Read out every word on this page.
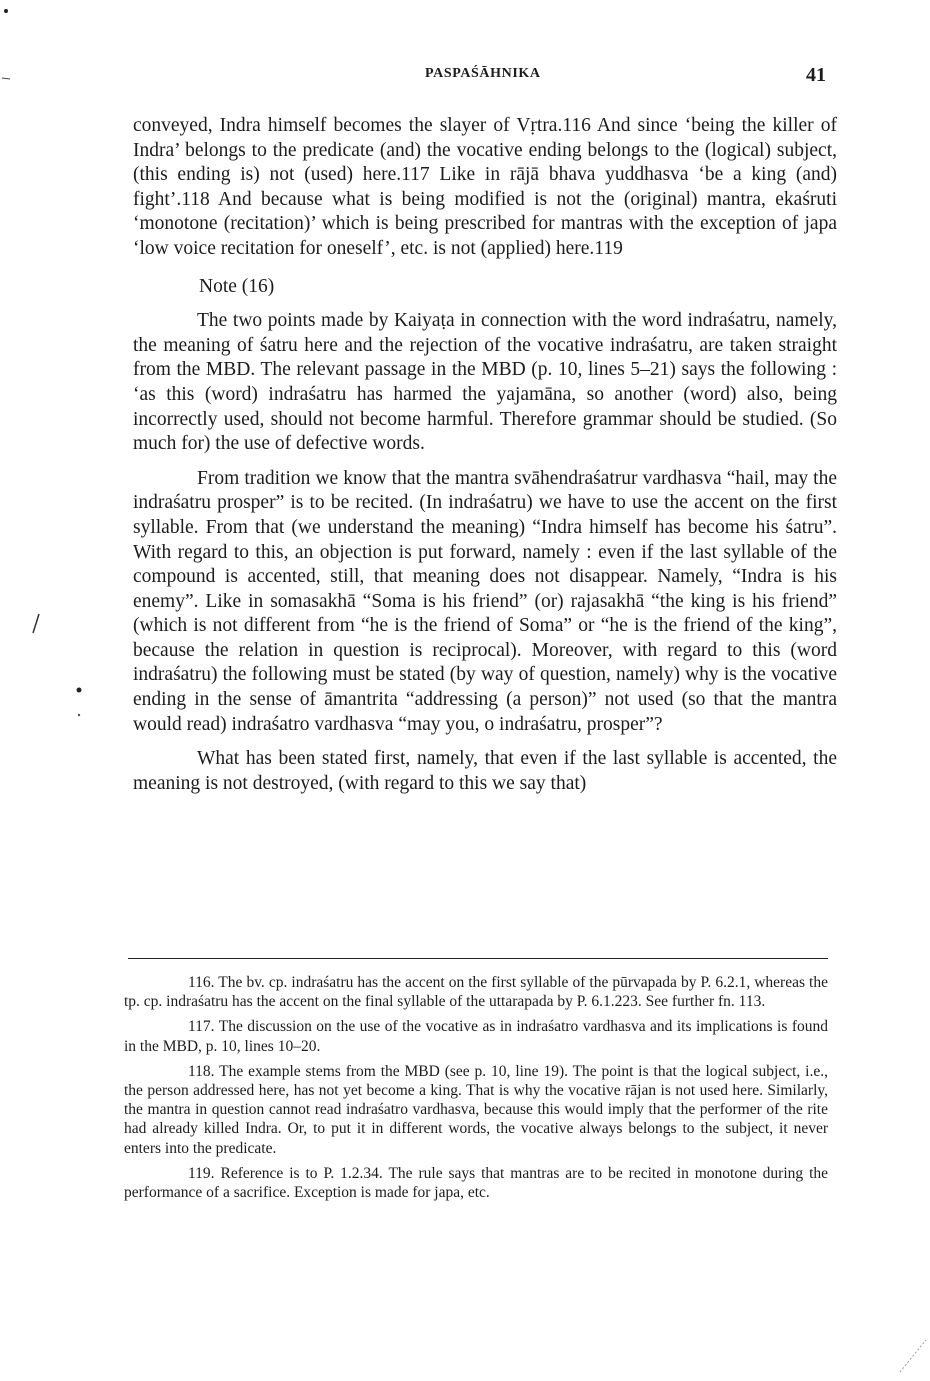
PASPAŚĀHNIKA	41

conveyed, Indra himself becomes the slayer of Vṛtra.116 And since ‘being the killer of Indra’ belongs to the predicate (and) the vocative ending belongs to the (logical) subject, (this ending is) not (used) here.117 Like in rājā bhava yuddhasva ‘be a king (and) fight’.118 And because what is being modified is not the (original) mantra, ekaśruti ‘monotone (recitation)’ which is being prescribed for mantras with the exception of japa ‘low voice recitation for oneself’, etc. is not (applied) here.119

Note (16)

The two points made by Kaiyaṭa in connection with the word indraśatru, namely, the meaning of śatru here and the rejection of the vocative indraśatru, are taken straight from the MBD. The relevant passage in the MBD (p. 10, lines 5–21) says the following : ‘as this (word) indraśatru has harmed the yajamāna, so another (word) also, being incorrectly used, should not become harmful. Therefore grammar should be studied. (So much for) the use of defective words.

From tradition we know that the mantra svāhendraśatrur vardhasva “hail, may the indraśatru prosper” is to be recited. (In indraśatru) we have to use the accent on the first syllable. From that (we understand the meaning) “Indra himself has become his śatru”. With regard to this, an objection is put forward, namely : even if the last syllable of the compound is accented, still, that meaning does not disappear. Namely, “Indra is his enemy”. Like in somasakhā “Soma is his friend” (or) rajasakhā “the king is his friend” (which is not different from “he is the friend of Soma” or “he is the friend of the king”, because the relation in question is reciprocal). Moreover, with regard to this (word indraśatru) the following must be stated (by way of question, namely) why is the vocative ending in the sense of āmantrita “addressing (a person)” not used (so that the mantra would read) indraśatro vardhasva “may you, o indraśatru, prosper”?

What has been stated first, namely, that even if the last syllable is accented, the meaning is not destroyed, (with regard to this we say that)

116. The bv. cp. indraśatru has the accent on the first syllable of the pūrvapada by P. 6.2.1, whereas the tp. cp. indraśatru has the accent on the final syllable of the uttarapada by P. 6.1.223. See further fn. 113.

117. The discussion on the use of the vocative as in indraśatro vardhasva and its implications is found in the MBD, p. 10, lines 10–20.

118. The example stems from the MBD (see p. 10, line 19). The point is that the logical subject, i.e., the person addressed here, has not yet become a king. That is why the vocative rājan is not used here. Similarly, the mantra in question cannot read indraśatro vardhasva, because this would imply that the performer of the rite had already killed Indra. Or, to put it in different words, the vocative always belongs to the subject, it never enters into the predicate.

119. Reference is to P. 1.2.34. The rule says that mantras are to be recited in monotone during the performance of a sacrifice. Exception is made for japa, etc.
